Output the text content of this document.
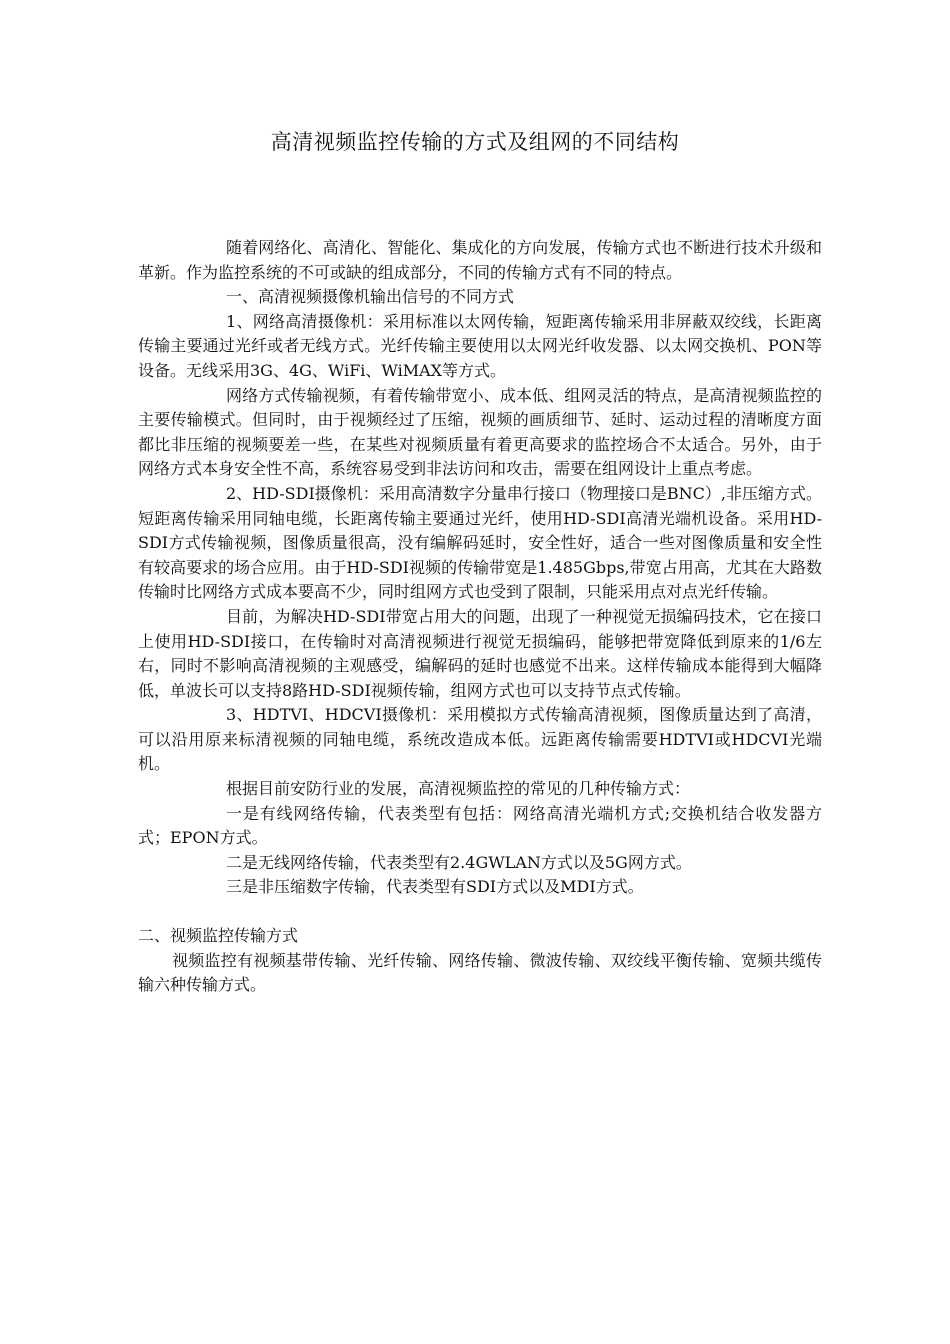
高清视频监控传输的方式及组网的不同结构

随着网络化、高清化、智能化、集成化的方向发展，传输方式也不断进行技术升级和革新。作为监控系统的不可或缺的组成部分，不同的传输方式有不同的特点。

一、高清视频摄像机输出信号的不同方式

1、网络高清摄像机：采用标准以太网传输，短距离传输采用非屏蔽双绞线，长距离传输主要通过光纤或者无线方式。光纤传输主要使用以太网光纤收发器、以太网交换机、PON等设备。无线采用3G、4G、WiFi、WiMAX等方式。

网络方式传输视频，有着传输带宽小、成本低、组网灵活的特点，是高清视频监控的主要传输模式。但同时，由于视频经过了压缩，视频的画质细节、延时、运动过程的清晰度方面都比非压缩的视频要差一些，在某些对视频质量有着更高要求的监控场合不太适合。另外，由于网络方式本身安全性不高，系统容易受到非法访问和攻击，需要在组网设计上重点考虑。

2、HD-SDI摄像机：采用高清数字分量串行接口（物理接口是BNC）,非压缩方式。短距离传输采用同轴电缆，长距离传输主要通过光纤，使用HD-SDI高清光端机设备。采用HD-SDI方式传输视频，图像质量很高，没有编解码延时，安全性好，适合一些对图像质量和安全性有较高要求的场合应用。由于HD-SDI视频的传输带宽是1.485Gbps,带宽占用高，尤其在大路数传输时比网络方式成本要高不少，同时组网方式也受到了限制，只能采用点对点光纤传输。

目前，为解决HD-SDI带宽占用大的问题，出现了一种视觉无损编码技术，它在接口上使用HD-SDI接口，在传输时对高清视频进行视觉无损编码，能够把带宽降低到原来的1/6左右，同时不影响高清视频的主观感受，编解码的延时也感觉不出来。这样传输成本能得到大幅降低，单波长可以支持8路HD-SDI视频传输，组网方式也可以支持节点式传输。

3、HDTVI、HDCVI摄像机：采用模拟方式传输高清视频，图像质量达到了高清，可以沿用原来标清视频的同轴电缆，系统改造成本低。远距离传输需要HDTVI或HDCVI光端机。

根据目前安防行业的发展，高清视频监控的常见的几种传输方式：

一是有线网络传输，代表类型有包括：网络高清光端机方式;交换机结合收发器方式；EPON方式。

二是无线网络传输，代表类型有2.4GWLAN方式以及5G网方式。

三是非压缩数字传输，代表类型有SDI方式以及MDI方式。

二、视频监控传输方式

视频监控有视频基带传输、光纤传输、网络传输、微波传输、双绞线平衡传输、宽频共缆传输六种传输方式。
